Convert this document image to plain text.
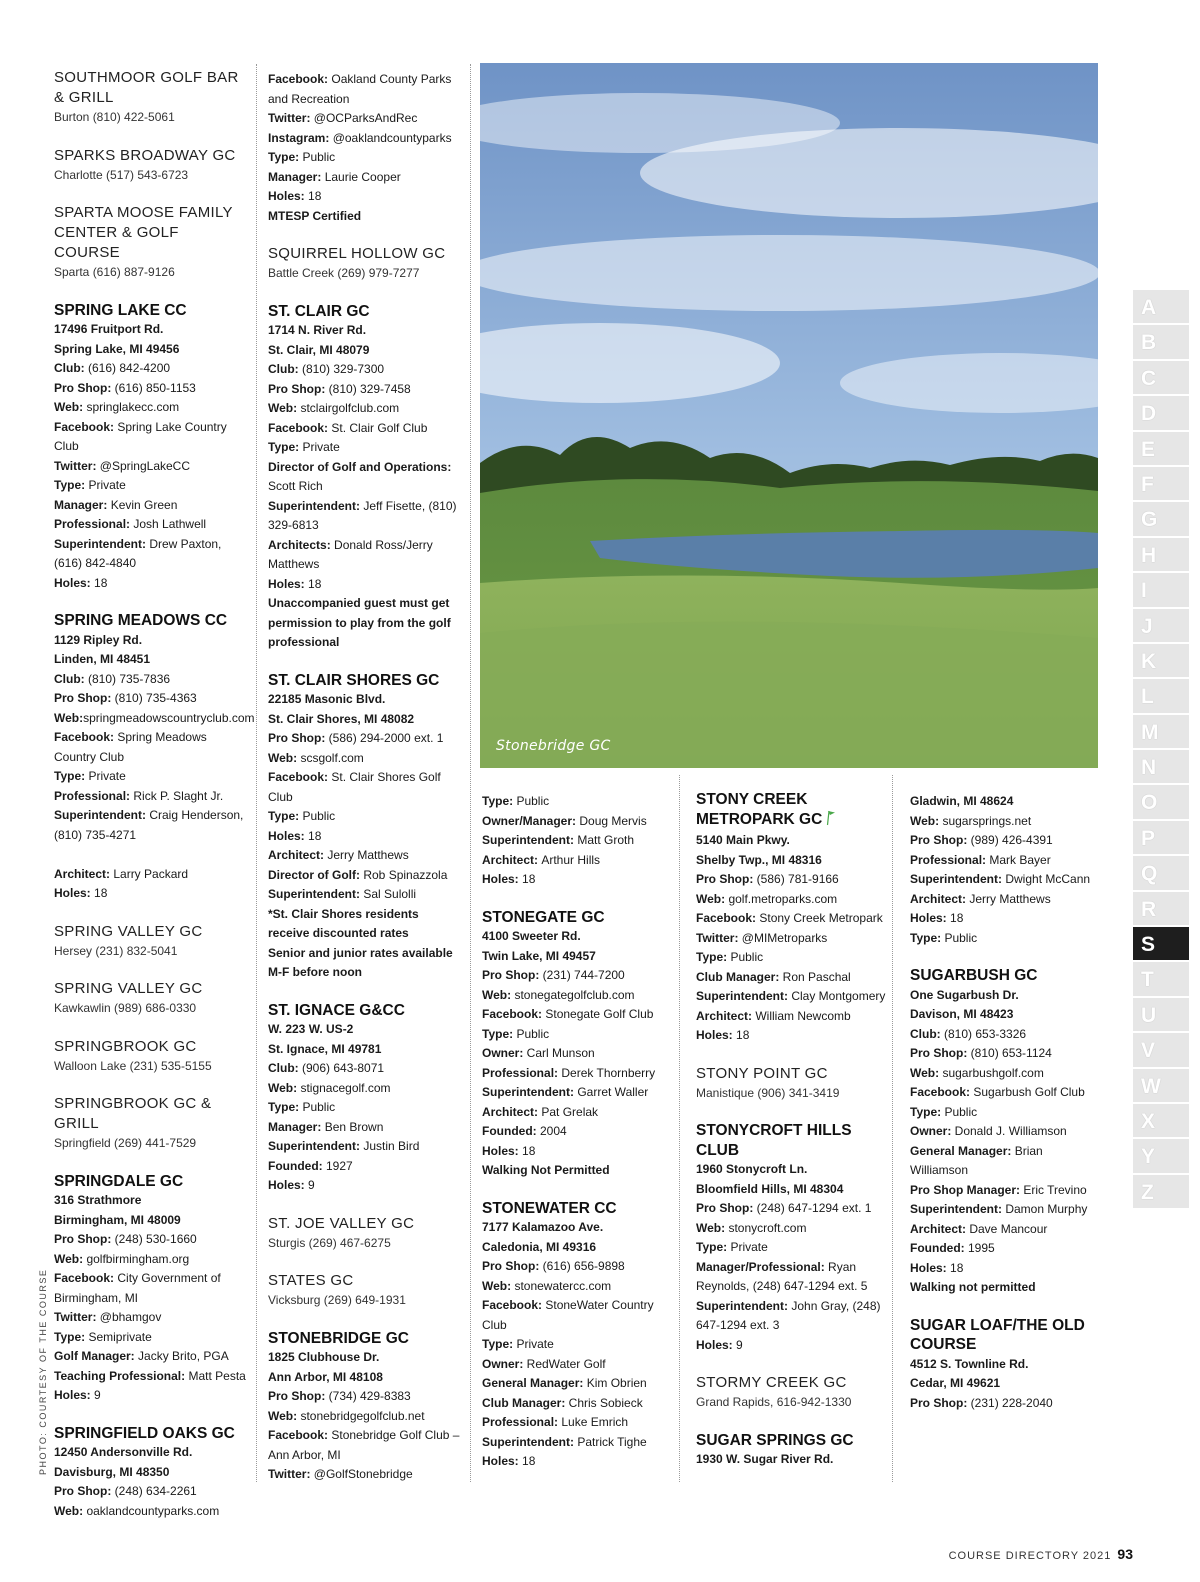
SOUTHMOOR GOLF BAR & GRILL
Burton (810) 422-5061
SPARKS BROADWAY GC
Charlotte (517) 543-6723
SPARTA MOOSE FAMILY CENTER & GOLF COURSE
Sparta (616) 887-9126
SPRING LAKE CC
17496 Fruitport Rd.
Spring Lake, MI 49456
Club: (616) 842-4200
Pro Shop: (616) 850-1153
Web: springlakecc.com
Facebook: Spring Lake Country Club
Twitter: @SpringLakeCC
Type: Private
Manager: Kevin Green
Professional: Josh Lathwell
Superintendent: Drew Paxton, (616) 842-4840
Holes: 18
SPRING MEADOWS CC
1129 Ripley Rd.
Linden, MI 48451
Club: (810) 735-7836
Pro Shop: (810) 735-4363
Web:springmeadowscountryclub.com
Facebook: Spring Meadows Country Club
Type: Private
Professional: Rick P. Slaght Jr.
Superintendent: Craig Henderson, (810) 735-4271

Architect: Larry Packard
Holes: 18
SPRING VALLEY GC
Hersey (231) 832-5041
SPRING VALLEY GC
Kawkawlin (989) 686-0330
SPRINGBROOK GC
Walloon Lake (231) 535-5155
SPRINGBROOK GC & GRILL
Springfield (269) 441-7529
SPRINGDALE GC
316 Strathmore
Birmingham, MI 48009
Pro Shop: (248) 530-1660
Web: golfbirmingham.org
Facebook: City Government of Birmingham, MI
Twitter: @bhamgov
Type: Semiprivate
Golf Manager: Jacky Brito, PGA
Teaching Professional: Matt Pesta
Holes: 9
SPRINGFIELD OAKS GC
12450 Andersonville Rd.
Davisburg, MI 48350
Pro Shop: (248) 634-2261
Web: oaklandcountyparks.com
Facebook: Oakland County Parks and Recreation
Twitter: @OCParksAndRec
Instagram: @oaklandcountyparks
Type: Public
Manager: Laurie Cooper
Holes: 18
MTESP Certified
SQUIRREL HOLLOW GC
Battle Creek (269) 979-7277
ST. CLAIR GC
1714 N. River Rd.
St. Clair, MI 48079
Club: (810) 329-7300
Pro Shop: (810) 329-7458
Web: stclairgolfclub.com
Facebook: St. Clair Golf Club
Type: Private
Director of Golf and Operations: Scott Rich
Superintendent: Jeff Fisette, (810) 329-6813
Architects: Donald Ross/Jerry Matthews
Holes: 18
Unaccompanied guest must get permission to play from the golf professional
ST. CLAIR SHORES GC
22185 Masonic Blvd.
St. Clair Shores, MI 48082
Pro Shop: (586) 294-2000 ext. 1
Web: scsgolf.com
Facebook: St. Clair Shores Golf Club
Type: Public
Holes: 18
Architect: Jerry Matthews
Director of Golf: Rob Spinazzola
Superintendent: Sal Sulolli
*St. Clair Shores residents receive discounted rates
Senior and junior rates available M-F before noon
ST. IGNACE G&CC
W. 223 W. US-2
St. Ignace, MI 49781
Club: (906) 643-8071
Web: stignacegolf.com
Type: Public
Manager: Ben Brown
Superintendent: Justin Bird
Founded: 1927
Holes: 9
ST. JOE VALLEY GC
Sturgis (269) 467-6275
STATES GC
Vicksburg (269) 649-1931
STONEBRIDGE GC
1825 Clubhouse Dr.
Ann Arbor, MI 48108
Pro Shop: (734) 429-8383
Web: stonebridgegolfclub.net
Facebook: Stonebridge Golf Club – Ann Arbor, MI
Twitter: @GolfStonebridge
Type: Public
Owner/Manager: Doug Mervis
Superintendent: Matt Groth
Architect: Arthur Hills
Holes: 18
STONEGATE GC
4100 Sweeter Rd.
Twin Lake, MI 49457
Pro Shop: (231) 744-7200
Web: stonegategolfclub.com
Facebook: Stonegate Golf Club
Type: Public
Owner: Carl Munson
Professional: Derek Thornberry
Superintendent: Garret Waller
Architect: Pat Grelak
Founded: 2004
Holes: 18
Walking Not Permitted
STONEWATER CC
7177 Kalamazoo Ave.
Caledonia, MI 49316
Pro Shop: (616) 656-9898
Web: stonewatercc.com
Facebook: StoneWater Country Club
Type: Private
Owner: RedWater Golf
General Manager: Kim Obrien
Club Manager: Chris Sobieck
Professional: Luke Emrich
Superintendent: Patrick Tighe
Holes: 18
STONY CREEK METROPARK GC
5140 Main Pkwy.
Shelby Twp., MI 48316
Pro Shop: (586) 781-9166
Web: golf.metroparks.com
Facebook: Stony Creek Metropark
Twitter: @MIMetroparks
Type: Public
Club Manager: Ron Paschal
Superintendent: Clay Montgomery
Architect: William Newcomb
Holes: 18
STONY POINT GC
Manistique (906) 341-3419
STONYCROFT HILLS CLUB
1960 Stonycroft Ln.
Bloomfield Hills, MI 48304
Pro Shop: (248) 647-1294 ext. 1
Web: stonycroft.com
Type: Private
Manager/Professional: Ryan Reynolds, (248) 647-1294 ext. 5
Superintendent: John Gray, (248) 647-1294 ext. 3
Holes: 9
STORMY CREEK GC
Grand Rapids, 616-942-1330
SUGAR SPRINGS GC
1930 W. Sugar River Rd.
Gladwin, MI 48624
Web: sugarsprings.net
Pro Shop: (989) 426-4391
Professional: Mark Bayer
Superintendent: Dwight McCann
Architect: Jerry Matthews
Holes: 18
Type: Public
SUGARBUSH GC
One Sugarbush Dr.
Davison, MI 48423
Club: (810) 653-3326
Pro Shop: (810) 653-1124
Web: sugarbushgolf.com
Facebook: Sugarbush Golf Club
Type: Public
Owner: Donald J. Williamson
General Manager: Brian Williamson
Pro Shop Manager: Eric Trevino
Superintendent: Damon Murphy
Architect: Dave Mancour
Founded: 1995
Holes: 18
Walking not permitted
SUGAR LOAF/THE OLD COURSE
4512 S. Townline Rd.
Cedar, MI 49621
Pro Shop: (231) 228-2040
Stonebridge GC
A
B
C
D
E
F
G
H
I
J
K
L
M
N
O
P
Q
R
S
T
U
V
W
X
Y
Z
PHOTO: COURTESY OF THE COURSE
COURSE DIRECTORY 2021 93
